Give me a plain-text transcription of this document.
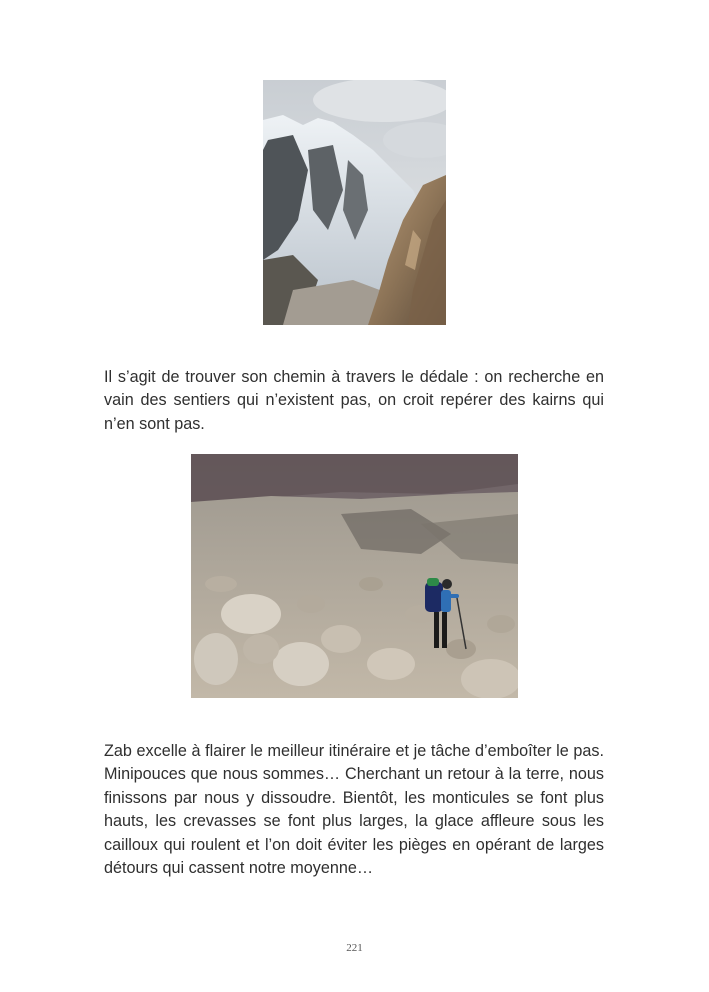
Il s’agit de trouver son chemin à travers le dédale : on recherche en vain des sentiers qui n’existent pas, on croit repérer des kairns qui n’en sont pas.

Zab excelle à flairer le meilleur itinéraire et je tâche d’emboîter le pas. Minipouces que nous sommes… Cherchant un retour à la terre, nous finissons par nous y dissoudre. Bientôt, les monticules se font plus hauts, les crevasses se font plus larges, la glace affleure sous les cailloux qui roulent et l’on doit éviter les pièges en opérant de larges détours qui cassent notre moyenne…

221
